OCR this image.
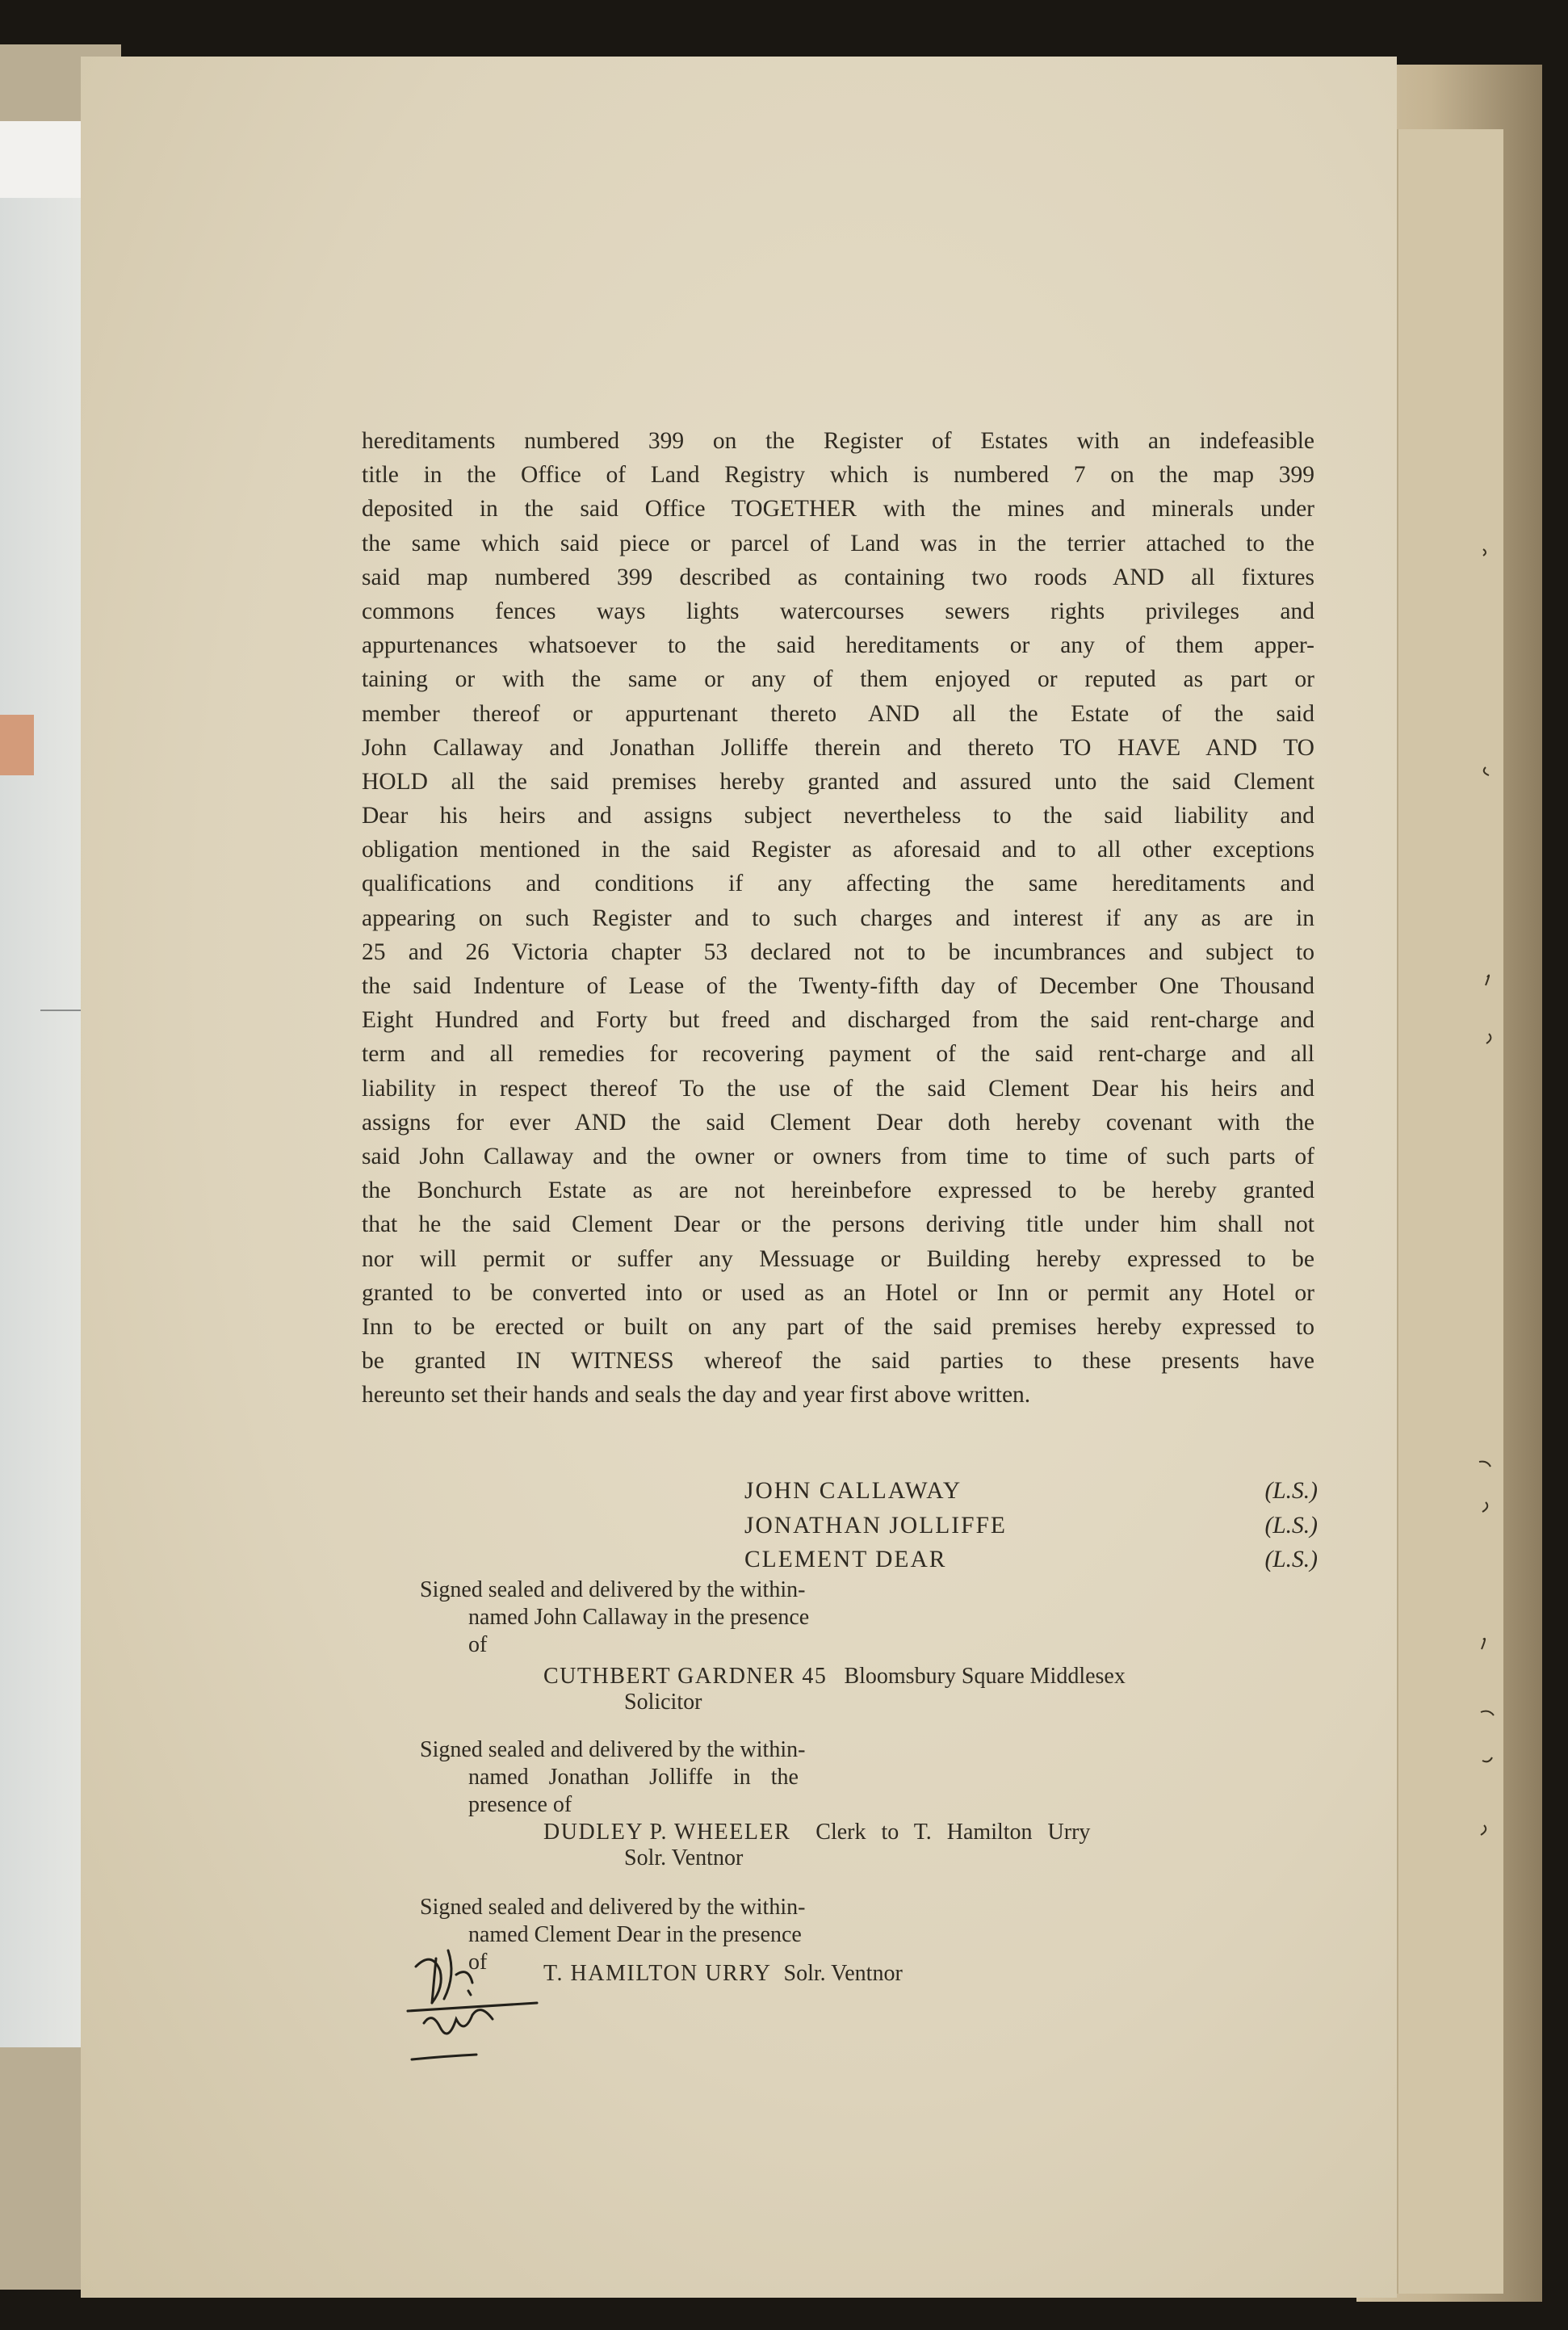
hereditaments numbered 399 on the Register of Estates with an indefeasible
title in the Office of Land Registry which is numbered 7 on the map 399
deposited in the said Office TOGETHER with the mines and minerals under
the same which said piece or parcel of Land was in the terrier attached to the
said map numbered 399 described as containing two roods AND all fixtures
commons fences ways lights watercourses sewers rights privileges and
appurtenances whatsoever to the said hereditaments or any of them apper-
taining or with the same or any of them enjoyed or reputed as part or
member thereof or appurtenant thereto AND all the Estate of the said
John Callaway and Jonathan Jolliffe therein and thereto TO HAVE AND TO
HOLD all the said premises hereby granted and assured unto the said Clement
Dear his heirs and assigns subject nevertheless to the said liability and
obligation mentioned in the said Register as aforesaid and to all other exceptions
qualifications and conditions if any affecting the same hereditaments and
appearing on such Register and to such charges and interest if any as are in
25 and 26 Victoria chapter 53 declared not to be incumbrances and subject to
the said Indenture of Lease of the Twenty-fifth day of December One Thousand
Eight Hundred and Forty but freed and discharged from the said rent-charge and
term and all remedies for recovering payment of the said rent-charge and all
liability in respect thereof To the use of the said Clement Dear his heirs and
assigns for ever AND the said Clement Dear doth hereby covenant with the
said John Callaway and the owner or owners from time to time of such parts of
the Bonchurch Estate as are not hereinbefore expressed to be hereby granted
that he the said Clement Dear or the persons deriving title under him shall not
nor will permit or suffer any Messuage or Building hereby expressed to be
granted to be converted into or used as an Hotel or Inn or permit any Hotel or
Inn to be erected or built on any part of the said premises hereby expressed to
be granted IN WITNESS whereof the said parties to these presents have
hereunto set their hands and seals the day and year first above written.
JOHN CALLAWAY	(L.S.)
JONATHAN JOLLIFFE	(L.S.)
CLEMENT DEAR	(L.S.)
Signed sealed and delivered by the within-
named John Callaway in the presence
of
CUTHBERT GARDNER 45 Bloomsbury Square Middlesex
Solicitor
Signed sealed and delivered by the within-
named Jonathan Jolliffe in the
presence of
DUDLEY P. WHEELER Clerk to T. Hamilton Urry
Solr. Ventnor
Signed sealed and delivered by the within-
named Clement Dear in the presence
of	T. HAMILTON URRY Solr. Ventnor
